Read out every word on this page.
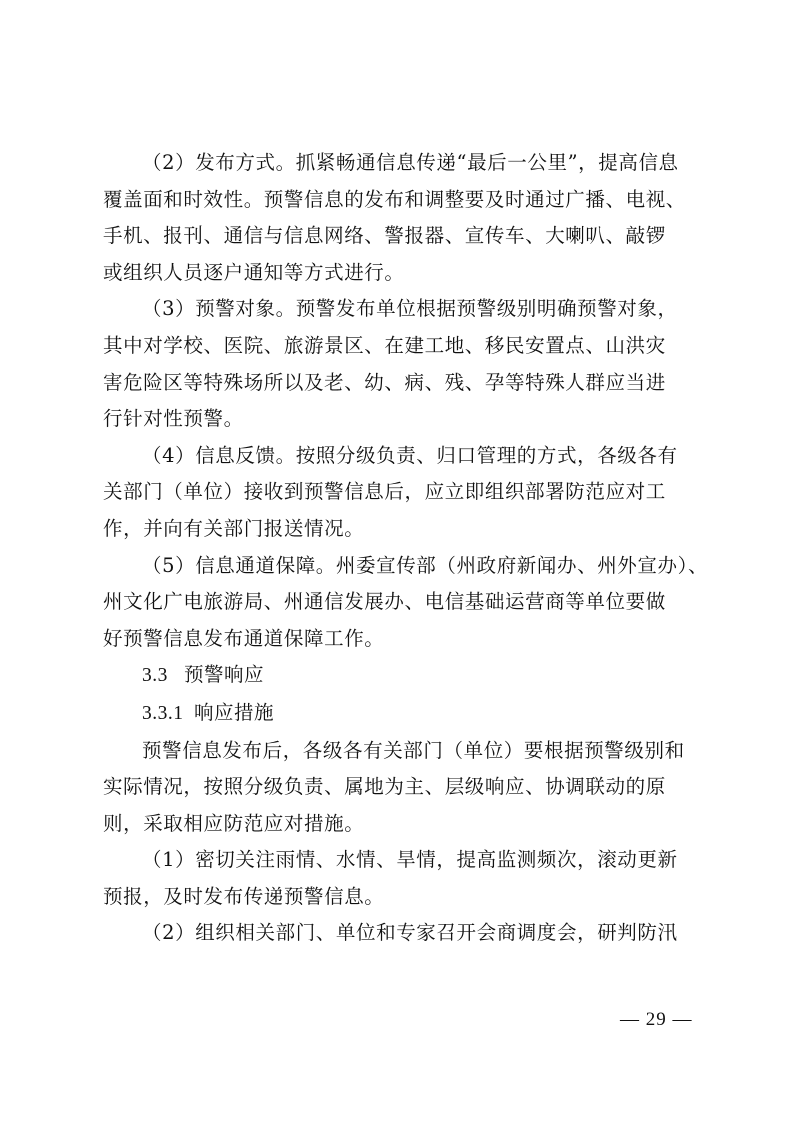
（2）发布方式。抓紧畅通信息传递“最后一公里”，提高信息
覆盖面和时效性。预警信息的发布和调整要及时通过广播、电视、
手机、报刊、通信与信息网络、警报器、宣传车、大喇叭、敲锣
或组织人员逐户通知等方式进行。

（3）预警对象。预警发布单位根据预警级别明确预警对象，
其中对学校、医院、旅游景区、在建工地、移民安置点、山洪灾
害危险区等特殊场所以及老、幼、病、残、孕等特殊人群应当进
行针对性预警。

（4）信息反馈。按照分级负责、归口管理的方式，各级各有
关部门（单位）接收到预警信息后，应立即组织部署防范应对工
作，并向有关部门报送情况。

（5）信息通道保障。州委宣传部（州政府新闻办、州外宣办）、
州文化广电旅游局、州通信发展办、电信基础运营商等单位要做
好预警信息发布通道保障工作。

3.3 预警响应

3.3.1 响应措施

预警信息发布后，各级各有关部门（单位）要根据预警级别和
实际情况，按照分级负责、属地为主、层级响应、协调联动的原
则，采取相应防范应对措施。

（1）密切关注雨情、水情、旱情，提高监测频次，滚动更新
预报，及时发布传递预警信息。

（2）组织相关部门、单位和专家召开会商调度会，研判防汛

— 29 —
